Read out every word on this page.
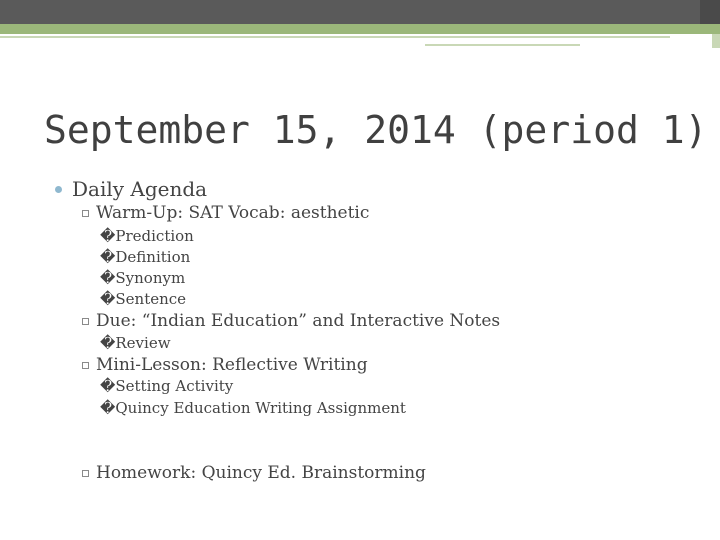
September 15, 2014 (period 1)
Daily Agenda
Warm-Up: SAT Vocab: aesthetic
�Prediction
�Definition
�Synonym
�Sentence
Due: “Indian Education” and Interactive Notes
�Review
Mini-Lesson: Reflective Writing
�Setting Activity
�Quincy Education Writing Assignment
Homework: Quincy Ed. Brainstorming
